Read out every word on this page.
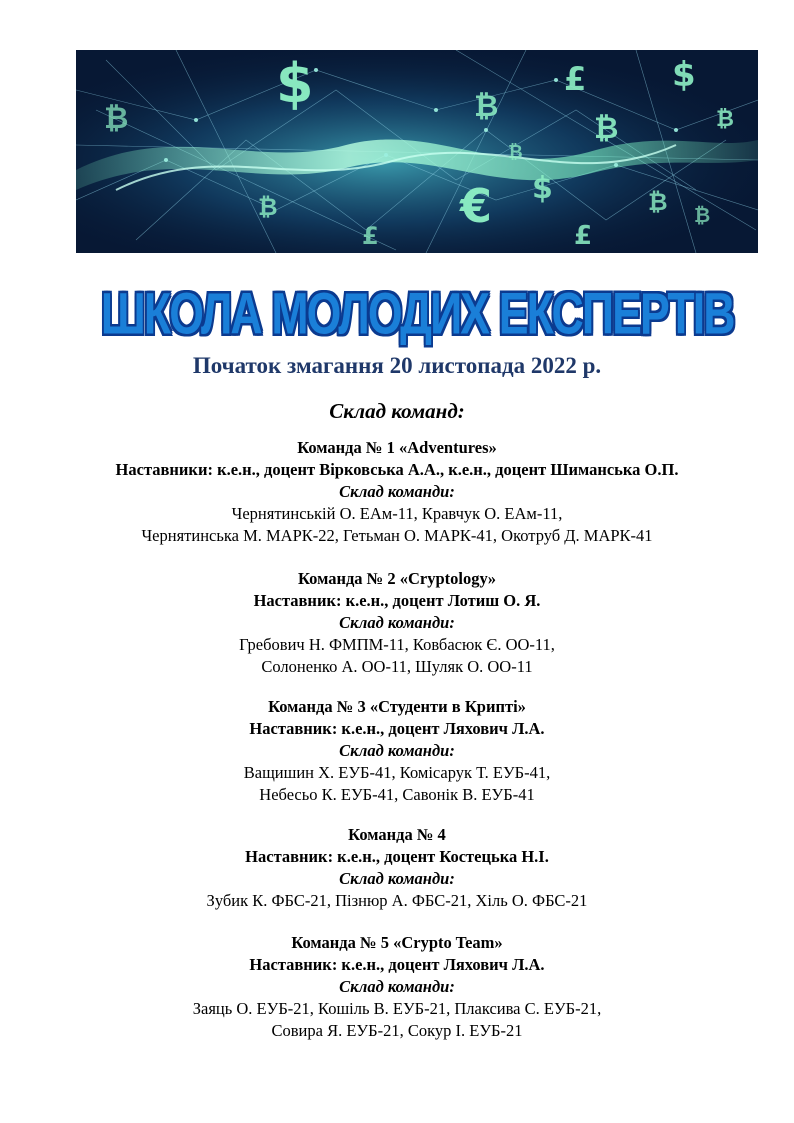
$
₿	₿
£	$
₿	₿
₿	€ $
£	£
₿ ₿
₿
ШКОЛА МОЛОДИХ ЕКСПЕРТІВ
Початок змагання 20 листопада 2022 р.
Склад команд:
Команда № 1 «Adventures»
Наставники: к.е.н., доцент Вірковська А.А., к.е.н., доцент Шиманська О.П.
Склад команди:
Чернятинській О. ЕАм-11, Кравчук О. ЕАм-11,
Чернятинська М. МАРК-22, Гетьман О. МАРК-41, Окотруб Д. МАРК-41
Команда № 2 «Cryptology»
Наставник: к.е.н., доцент Лотиш О. Я.
Склад команди:
Гребович Н. ФМПМ-11, Ковбасюк Є. ОО-11,
Солоненко А. ОО-11, Шуляк О. ОО-11
Команда № 3 «Студенти в Крипті»
Наставник: к.е.н., доцент Ляхович Л.А.
Склад команди:
Ващишин Х. ЕУБ-41, Комісарук Т. ЕУБ-41,
Небесьо К. ЕУБ-41, Савонік В. ЕУБ-41
Команда № 4
Наставник: к.е.н., доцент Костецька Н.І.
Склад команди:
Зубик К. ФБС-21, Пізнюр А. ФБС-21, Хіль О. ФБС-21
Команда № 5 «Crypto Team»
Наставник: к.е.н., доцент Ляхович Л.А.
Склад команди:
Заяць О. ЕУБ-21, Кошіль В. ЕУБ-21, Плаксива С. ЕУБ-21,
Совира Я. ЕУБ-21, Сокур І. ЕУБ-21
